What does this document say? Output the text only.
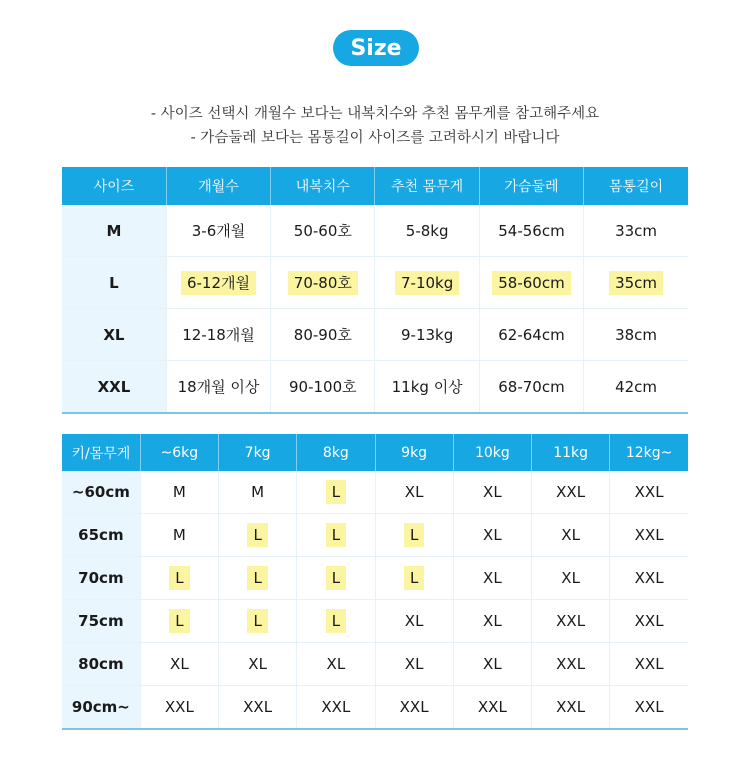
Size
- 사이즈 선택시 개월수 보다는 내복치수와 추천 몸무게를 참고해주세요
- 가슴둘레 보다는 몸통길이 사이즈를 고려하시기 바랍니다
사이즈	개월수	내복치수	추천 몸무게	가슴둘레	몸통길이
M	3-6개월	50-60호	5-8kg	54-56cm	33cm
L	6-12개월	70-80호	7-10kg	58-60cm	35cm
XL	12-18개월	80-90호	9-13kg	62-64cm	38cm
XXL	18개월 이상	90-100호	11kg 이상	68-70cm	42cm
키/몸무게	~6kg	7kg	8kg	9kg	10kg	11kg	12kg~
~60cm	M	M	L	XL	XL	XXL	XXL
65cm	M	L	L	L	XL	XL	XXL
70cm	L	L	L	L	XL	XL	XXL
75cm	L	L	L	XL	XL	XXL	XXL
80cm	XL	XL	XL	XL	XL	XXL	XXL
90cm~	XXL	XXL	XXL	XXL	XXL	XXL	XXL
